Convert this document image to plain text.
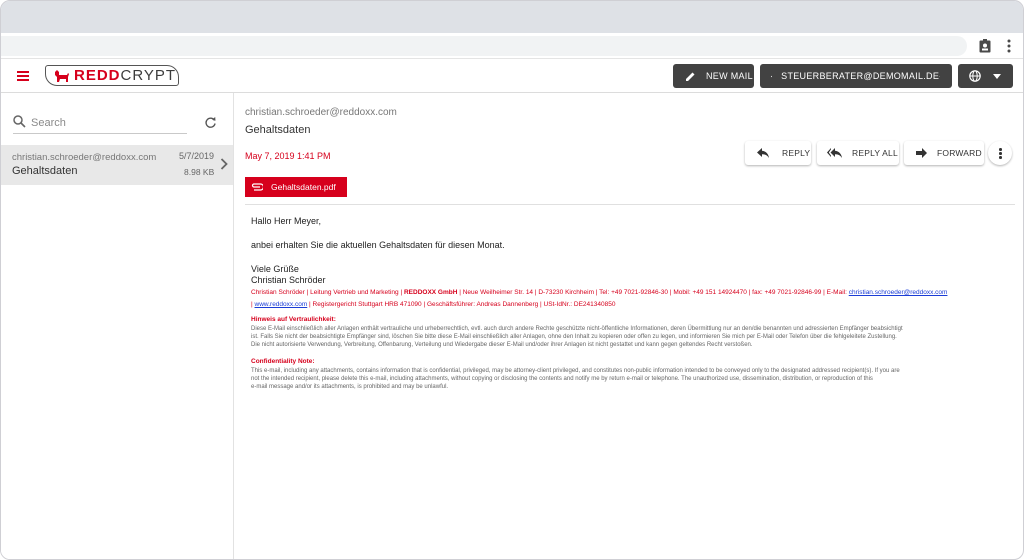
REDDCRYPT	NEW MAIL	STEUERBERATER@DEMOMAIL.DE
Search
christian.schroeder@reddoxx.com	5/7/2019
Gehaltsdaten	8.98 KB
christian.schroeder@reddoxx.com
Gehaltsdaten
May 7, 2019 1:41 PM	REPLY	REPLY ALL	FORWARD
Gehaltsdaten.pdf
Hallo Herr Meyer,
anbei erhalten Sie die aktuellen Gehaltsdaten für diesen Monat.
Viele Grüße
Christian Schröder
Christian Schröder | Leitung Vertrieb und Marketing | REDDOXX GmbH | Neue Weilheimer Str. 14 | D-73230 Kirchheim | Tel: +49 7021-92846-30 | Mobil: +49 151 14924470 | fax: +49 7021-92846-99 | E-Mail: christian.schroeder@reddoxx.com
| www.reddoxx.com | Registergericht Stuttgart HRB 471090 | Geschäftsführer: Andreas Dannenberg | USt-IdNr.: DE241340850
Hinweis auf Vertraulichkeit:
Diese E-Mail einschließlich aller Anlagen enthält vertrauliche und urheberrechtlich, evtl. auch durch andere Rechte geschützte nicht-öffentliche Informationen, deren Übermittlung nur an den/die benannten und adressierten Empfänger beabsichtigt
ist. Falls Sie nicht der beabsichtigte Empfänger sind, löschen Sie bitte diese E-Mail einschließlich aller Anlagen, ohne den Inhalt zu kopieren oder offen zu legen, und informieren Sie mich per E-Mail oder Telefon über die fehlgeleitete Zustellung.
Die nicht autorisierte Verwendung, Verbreitung, Offenbarung, Verteilung und Wiedergabe dieser E-Mail und/oder ihrer Anlagen ist nicht gestattet und kann gegen geltendes Recht verstoßen.
Confidentiality Note:
This e-mail, including any attachments, contains information that is confidential, privileged, may be attorney-client privileged, and constitutes non-public information intended to be conveyed only to the designated addressed recipient(s). If you are
not the intended recipient, please delete this e-mail, including attachments, without copying or disclosing the contents and notify me by return e-mail or telephone. The unauthorized use, dissemination, distribution, or reproduction of this
e-mail message and/or its attachments, is prohibited and may be unlawful.
